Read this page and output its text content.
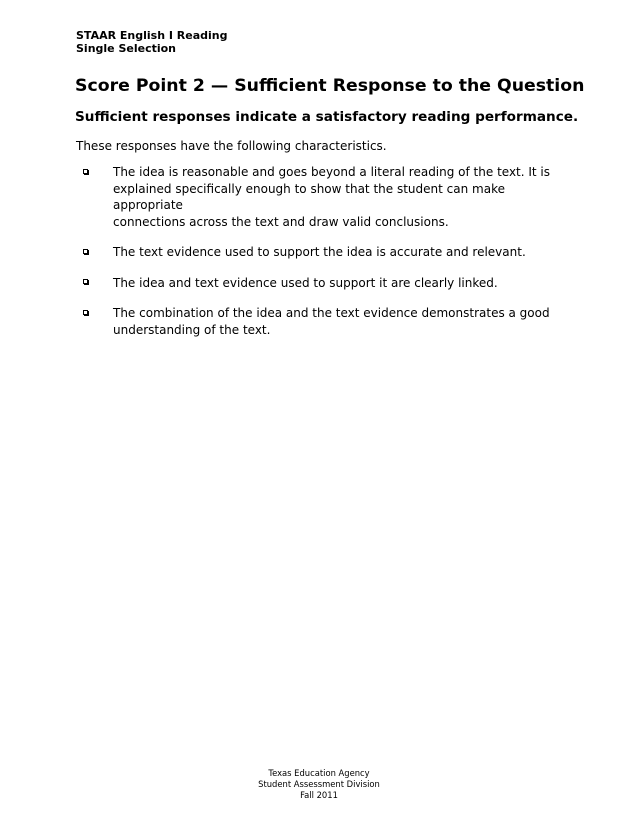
STAAR English I Reading
Single Selection
Score Point 2 — Sufficient Response to the Question
Sufficient responses indicate a satisfactory reading performance.

These responses have the following characteristics.

The idea is reasonable and goes beyond a literal reading of the text. It is
explained specifically enough to show that the student can make appropriate
connections across the text and draw valid conclusions.
The text evidence used to support the idea is accurate and relevant.
The idea and text evidence used to support it are clearly linked.
The combination of the idea and the text evidence demonstrates a good
understanding of the text.
Texas Education Agency
Student Assessment Division
Fall 2011
